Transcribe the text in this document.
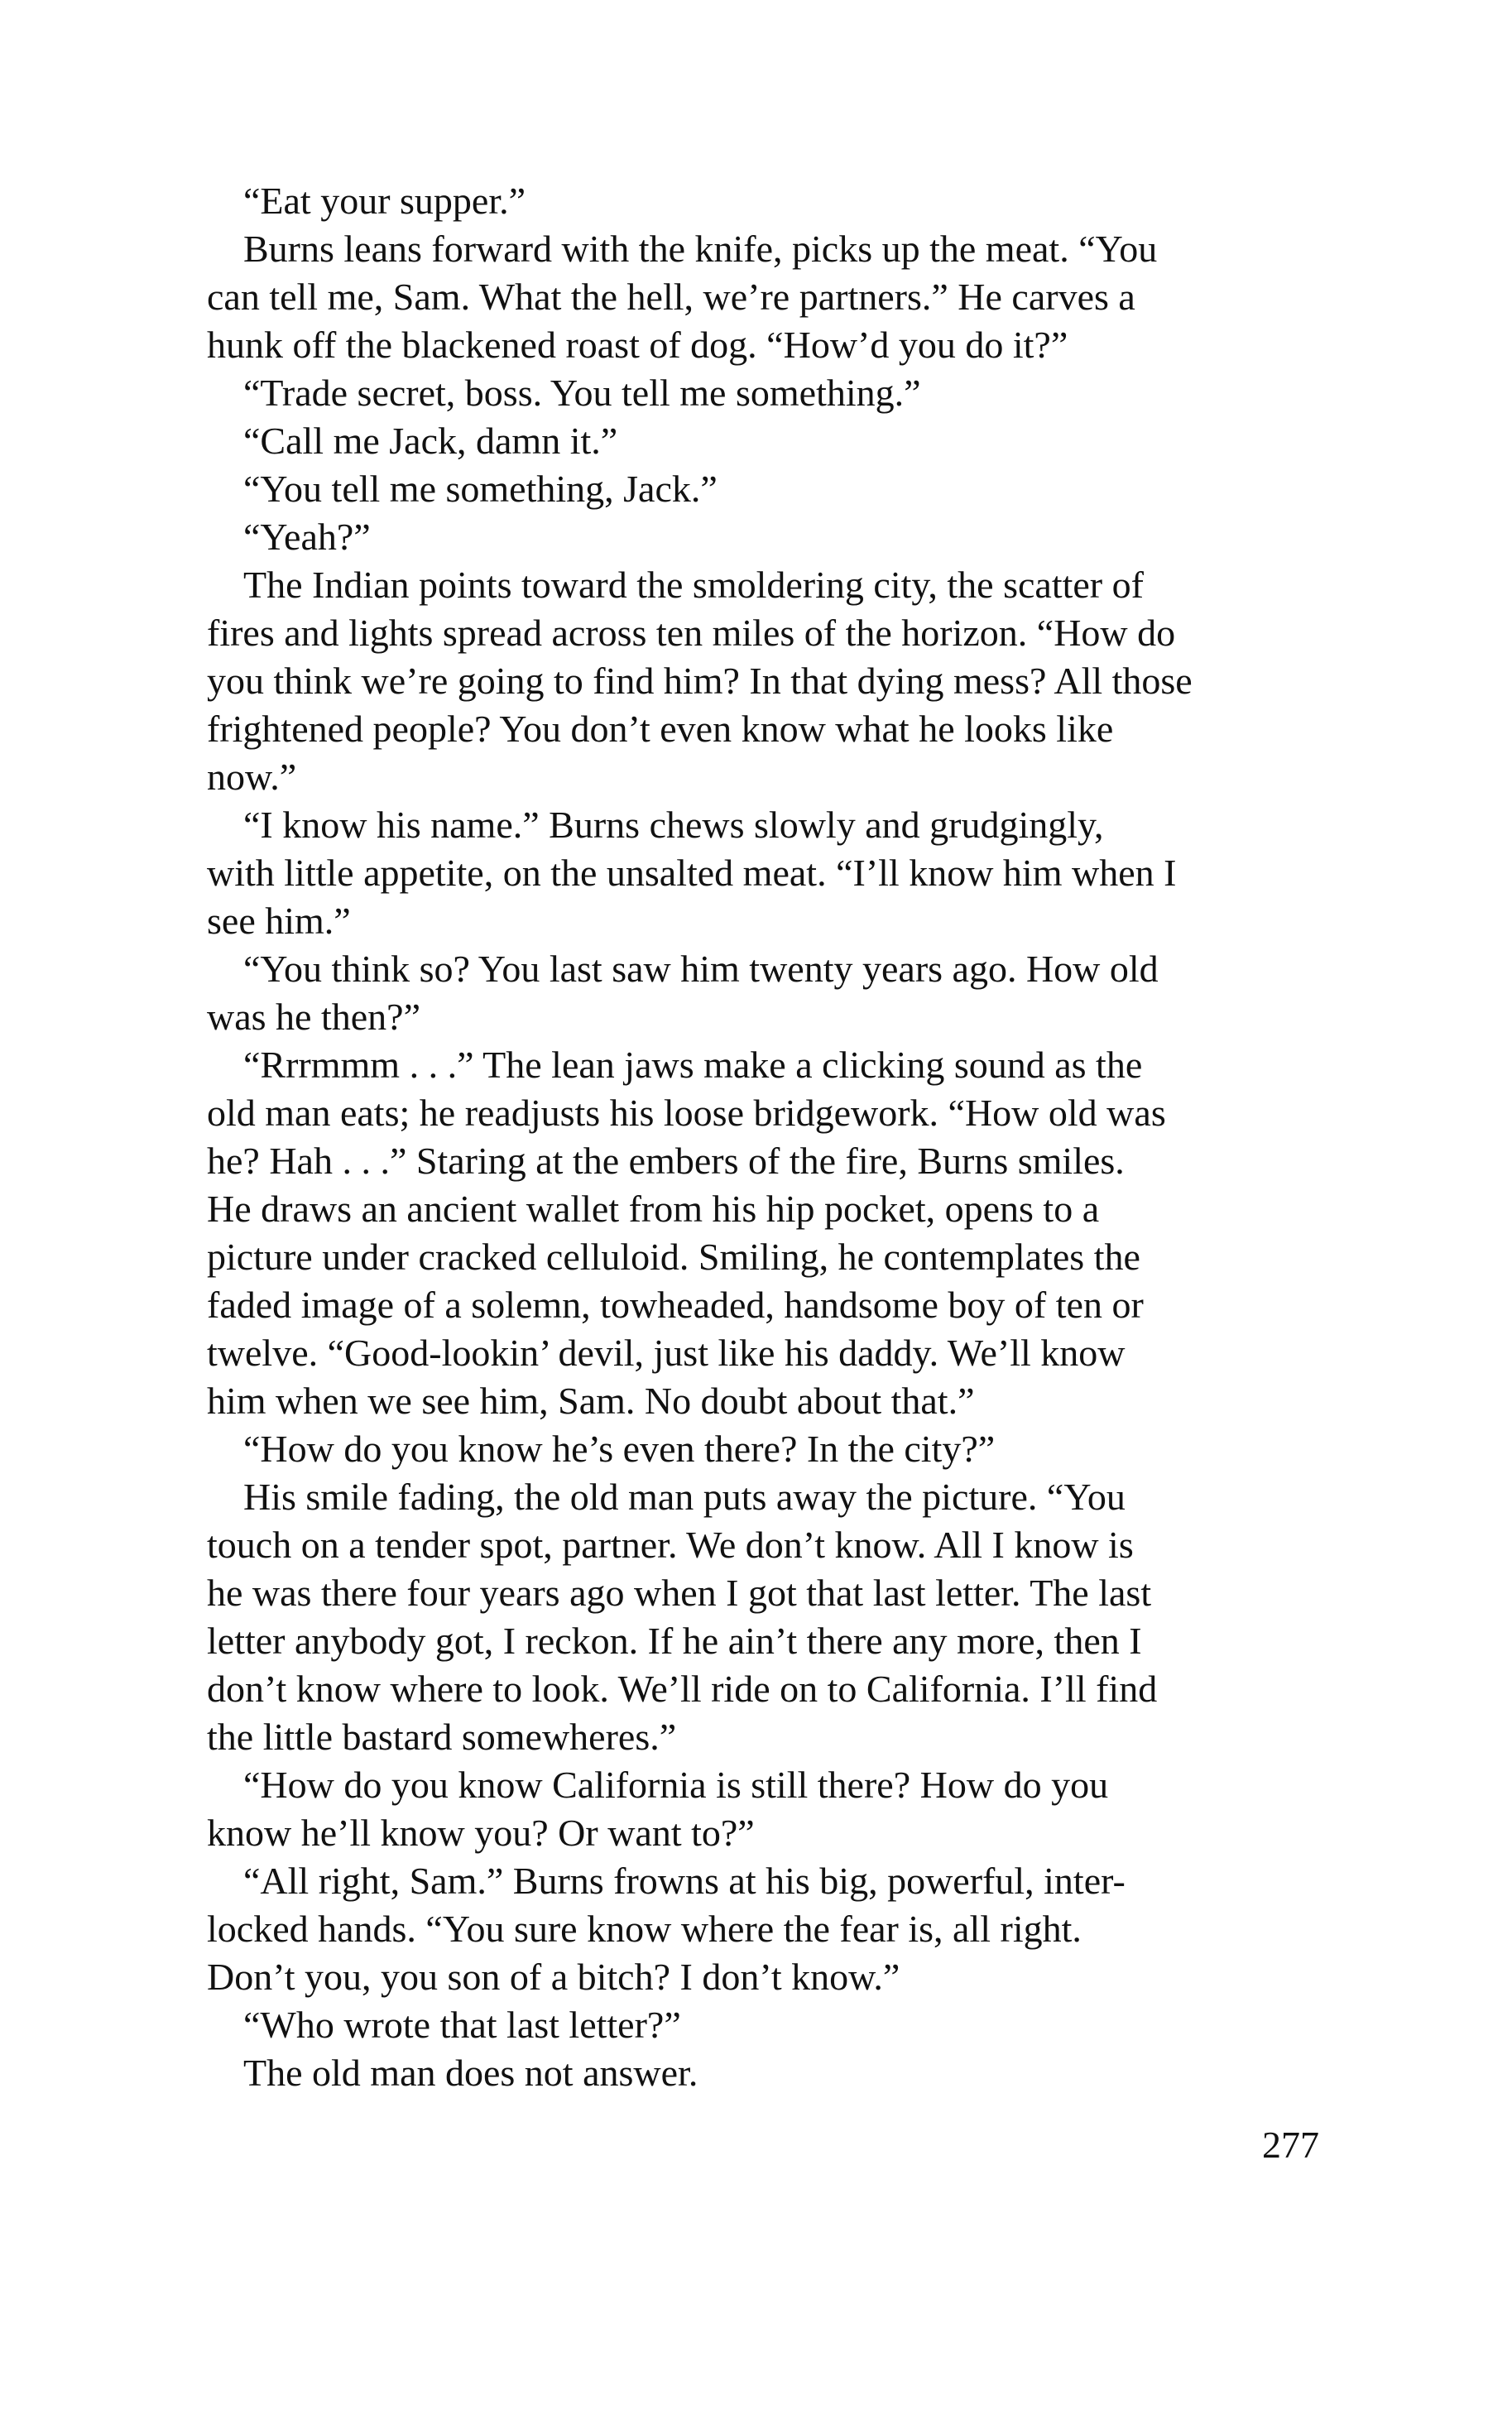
“Eat your supper.”
Burns leans forward with the knife, picks up the meat. “You
can tell me, Sam. What the hell, we’re partners.” He carves a
hunk off the blackened roast of dog. “How’d you do it?”
“Trade secret, boss. You tell me something.”
“Call me Jack, damn it.”
“You tell me something, Jack.”
“Yeah?”
The Indian points toward the smoldering city, the scatter of
fires and lights spread across ten miles of the horizon. “How do
you think we’re going to find him? In that dying mess? All those
frightened people? You don’t even know what he looks like
now.”
“I know his name.” Burns chews slowly and grudgingly,
with little appetite, on the unsalted meat. “I’ll know him when I
see him.”
“You think so? You last saw him twenty years ago. How old
was he then?”
“Rrrmmm . . .” The lean jaws make a clicking sound as the
old man eats; he readjusts his loose bridgework. “How old was
he? Hah . . .” Staring at the embers of the fire, Burns smiles.
He draws an ancient wallet from his hip pocket, opens to a
picture under cracked celluloid. Smiling, he contemplates the
faded image of a solemn, towheaded, handsome boy of ten or
twelve. “Good-lookin’ devil, just like his daddy. We’ll know
him when we see him, Sam. No doubt about that.”
“How do you know he’s even there? In the city?”
His smile fading, the old man puts away the picture. “You
touch on a tender spot, partner. We don’t know. All I know is
he was there four years ago when I got that last letter. The last
letter anybody got, I reckon. If he ain’t there any more, then I
don’t know where to look. We’ll ride on to California. I’ll find
the little bastard somewheres.”
“How do you know California is still there? How do you
know he’ll know you? Or want to?”
“All right, Sam.” Burns frowns at his big, powerful, inter-
locked hands. “You sure know where the fear is, all right.
Don’t you, you son of a bitch? I don’t know.”
“Who wrote that last letter?”
The old man does not answer.
277
